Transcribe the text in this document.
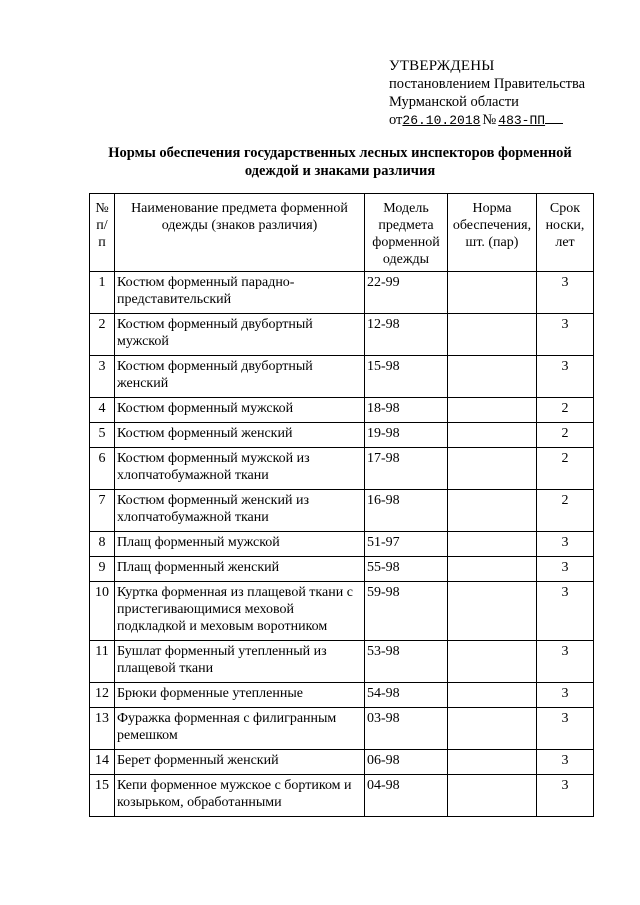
УТВЕРЖДЕНЫ
постановлением Правительства
Мурманской области
от26.10.2018 № 483-ПП
Нормы обеспечения государственных лесных инспекторов форменной
одеждой и знаками различия
№ п/п	Наименование предмета форменной одежды (знаков различия)	Модель предмета форменной одежды	Норма обеспечения, шт. (пар)	Срок носки, лет
1	Костюм форменный парадно-представительский	22-99		3
2	Костюм форменный двубортный мужской	12-98		3
3	Костюм форменный двубортный женский	15-98		3
4	Костюм форменный мужской	18-98		2
5	Костюм форменный женский	19-98		2
6	Костюм форменный мужской из хлопчатобумажной ткани	17-98		2
7	Костюм форменный женский из хлопчатобумажной ткани	16-98		2
8	Плащ форменный мужской	51-97		3
9	Плащ форменный женский	55-98		3
10	Куртка форменная из плащевой ткани с пристегивающимися меховой подкладкой и меховым воротником	59-98		3
11	Бушлат форменный утепленный из плащевой ткани	53-98		3
12	Брюки форменные утепленные	54-98		3
13	Фуражка форменная с филигранным ремешком	03-98		3
14	Берет форменный женский	06-98		3
15	Кепи форменное мужское с бортиком и козырьком, обработанными	04-98		3
